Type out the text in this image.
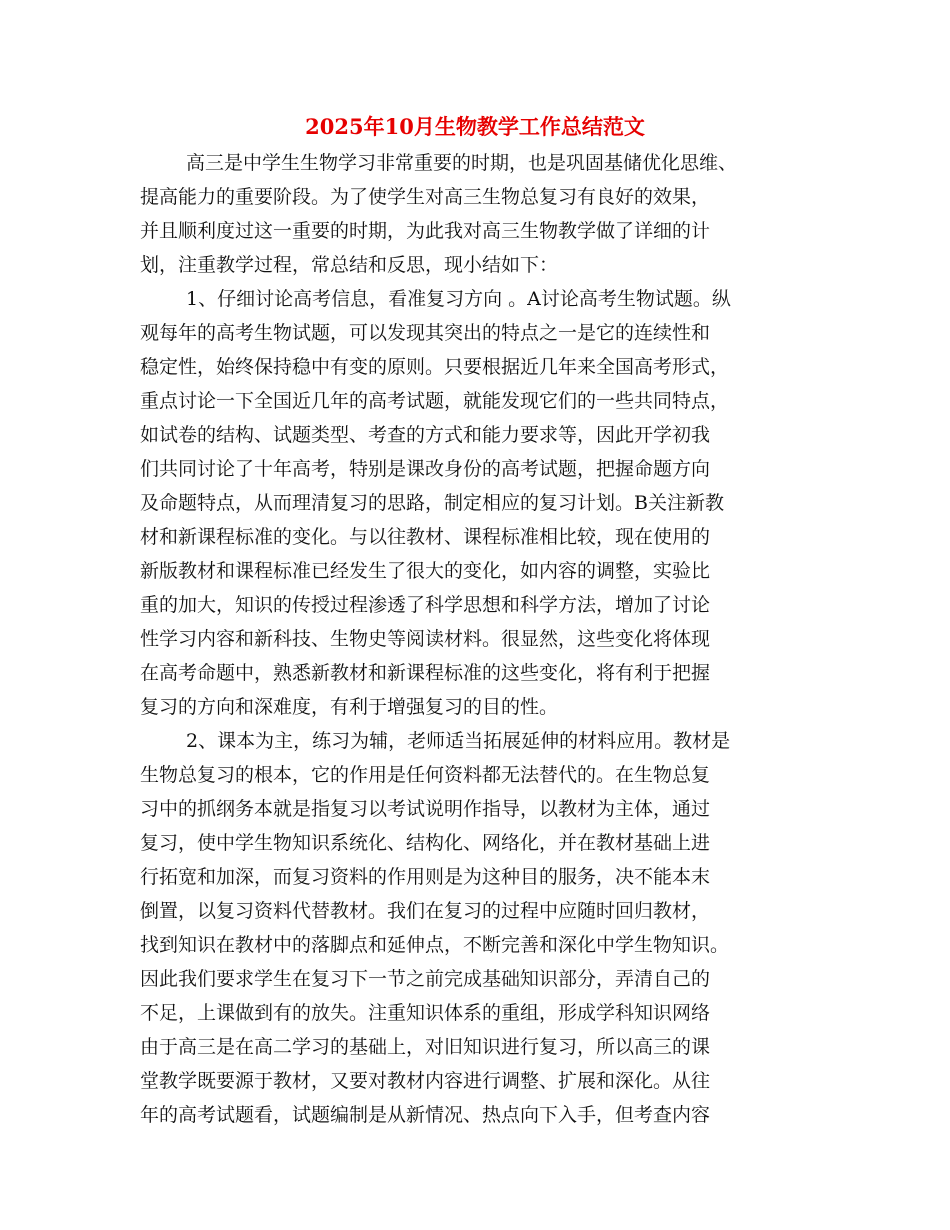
2025年10月生物教学工作总结范文
高三是中学生生物学习非常重要的时期，也是巩固基储优化思维、
提高能力的重要阶段。为了使学生对高三生物总复习有良好的效果，
并且顺利度过这一重要的时期，为此我对高三生物教学做了详细的计
划，注重教学过程，常总结和反思，现小结如下：
1、仔细讨论高考信息，看准复习方向 。A讨论高考生物试题。纵
观每年的高考生物试题，可以发现其突出的特点之一是它的连续性和
稳定性，始终保持稳中有变的原则。只要根据近几年来全国高考形式，
重点讨论一下全国近几年的高考试题，就能发现它们的一些共同特点，
如试卷的结构、试题类型、考查的方式和能力要求等，因此开学初我
们共同讨论了十年高考，特别是课改身份的高考试题，把握命题方向
及命题特点，从而理清复习的思路，制定相应的复习计划。B关注新教
材和新课程标准的变化。与以往教材、课程标准相比较，现在使用的
新版教材和课程标准已经发生了很大的变化，如内容的调整，实验比
重的加大，知识的传授过程渗透了科学思想和科学方法，增加了讨论
性学习内容和新科技、生物史等阅读材料。很显然，这些变化将体现
在高考命题中，熟悉新教材和新课程标准的这些变化，将有利于把握
复习的方向和深难度，有利于增强复习的目的性。
2、课本为主，练习为辅，老师适当拓展延伸的材料应用。教材是
生物总复习的根本，它的作用是任何资料都无法替代的。在生物总复
习中的抓纲务本就是指复习以考试说明作指导，以教材为主体，通过
复习，使中学生物知识系统化、结构化、网络化，并在教材基础上进
行拓宽和加深，而复习资料的作用则是为这种目的服务，决不能本末
倒置，以复习资料代替教材。我们在复习的过程中应随时回归教材，
找到知识在教材中的落脚点和延伸点，不断完善和深化中学生物知识。
因此我们要求学生在复习下一节之前完成基础知识部分，弄清自己的
不足，上课做到有的放失。注重知识体系的重组，形成学科知识网络
由于高三是在高二学习的基础上，对旧知识进行复习，所以高三的课
堂教学既要源于教材，又要对教材内容进行调整、扩展和深化。从往
年的高考试题看，试题编制是从新情况、热点向下入手，但考查内容
